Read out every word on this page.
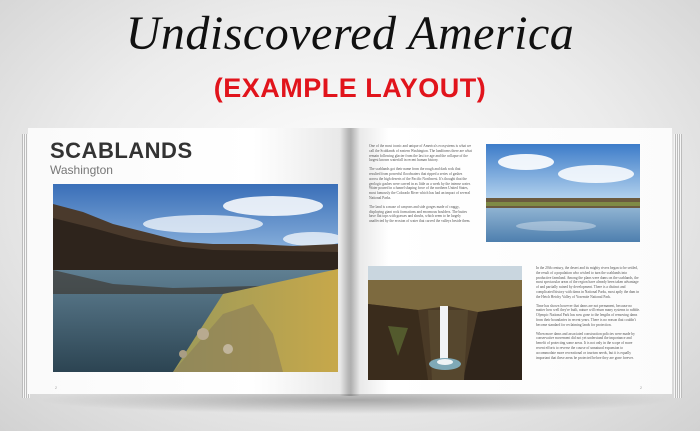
Undiscovered America
(EXAMPLE LAYOUT)
SCABLANDS
Washington

One of the most iconic and unique of America's ecosystems is what we call the Scablands of eastern Washington. The landforms there are what remain following glacier from the last ice age and the collapse of the largest known waterfall in recent human history.

The scablands got their name from the rough and dark rock that resulted from powerful floodwaters that ripped a series of gashes across the high deserts of the Pacific Northwest. It's thought that the geologic gashes were carved in as little as a week by the intense water. Water poured in a funnel shaping force of the northern United States, most famously the Colorado River which has had an impact of several National Parks.

The land is a maze of canyons and side gorges made of craggy, displaying giant rock formations and enormous boulders. The buttes have flat tops with grasses and shrubs, which seem to be largely unaffected by the erosion of water that carved the valleys beside them.

In the 20th century, the desert and its mighty rivers began to be settled, the result of a population who wished to turn the scablands into productive farmland. Among the plans were dams on the scablands, the most spectacular areas of the region have already been taken advantage of and partially ruined by development. There is a distinct and complicated history with dams in National Parks, most aptly the dam in the Hetch Hetchy Valley of Yosemite National Park.

Time has shown however that dams are not permanent, because no matter how well they're built, nature will return many systems to rubble. Olympic National Park has now gone to the lengths of removing dams from their boundaries in recent years. There is no reason that couldn't become standard for reclaiming lands for protection.

When more dams and associated construction policies were made by conservative movement did not yet understand the importance and benefit of protecting some areas. It is not only in the scope of more recent efforts to reverse the course of unnatural expansion to accommodate more recreational or tourism needs, but it is equally important that these areas be protected before they are gone forever.

2	2
